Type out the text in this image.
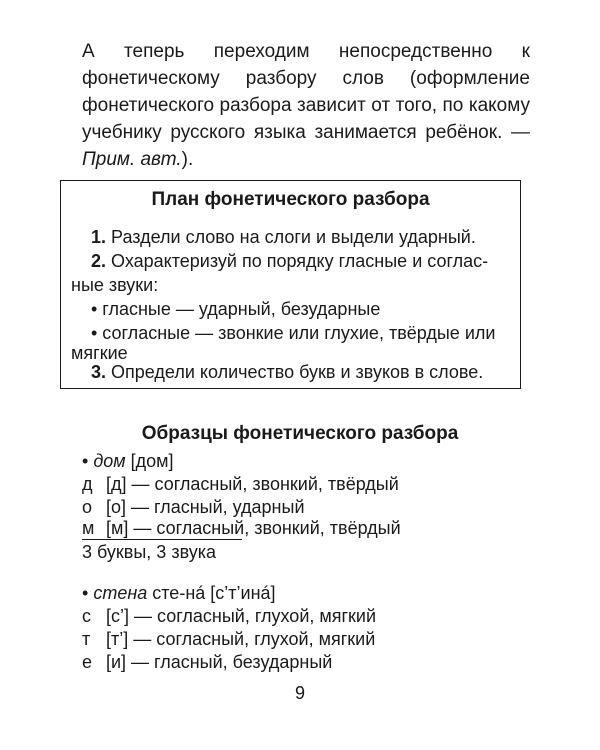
А теперь переходим непосредственно к фонетическому разбору слов (оформление фонетического разбора зависит от того, по какому учебнику русского языка занимается ребёнок. — Прим. авт.).

План фонетического разбора

1. Раздели слово на слоги и выдели ударный.

2. Охарактеризуй по порядку гласные и соглас-

ные звуки:

• гласные — ударный, безударные

• согласные — звонкие или глухие, твёрдые или

мягкие

3. Определи количество букв и звуков в слове.

Образцы фонетического разбора

• дом [дом]

д [д] — согласный, звонкий, твёрдый

о [о] — гласный, ударный

м [м] — согласный, звонкий, твёрдый

3 буквы, 3 звука

• стена сте-нá [с’т’инá]

с [с’] — согласный, глухой, мягкий

т [т’] — согласный, глухой, мягкий

е [и] — гласный, безударный

9
